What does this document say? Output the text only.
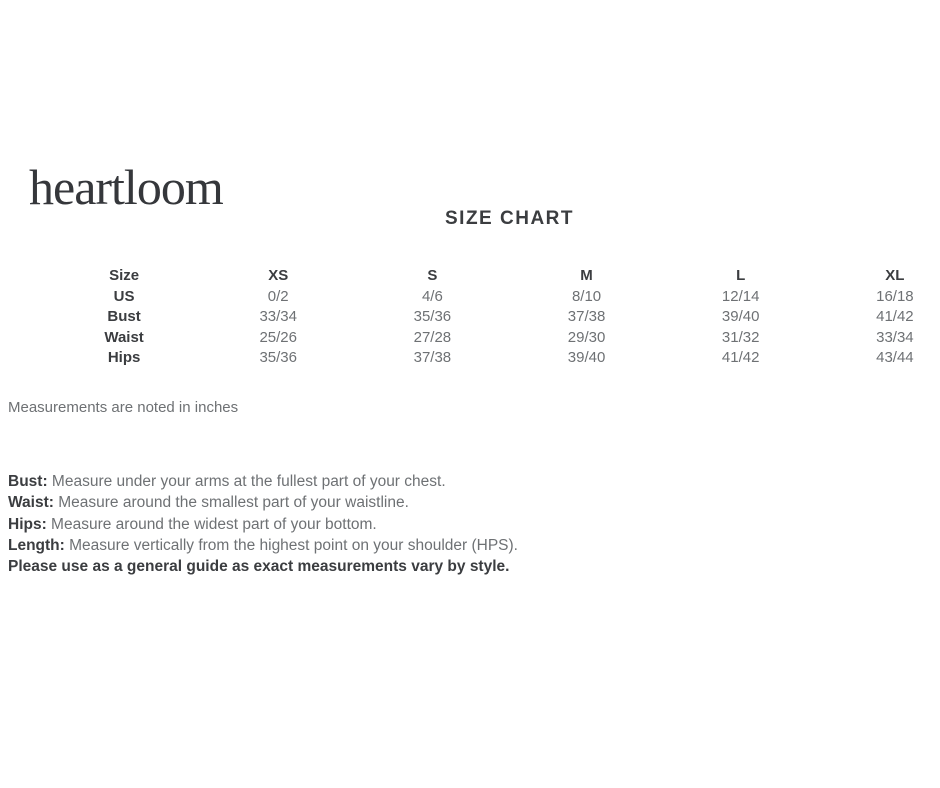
heartloom
SIZE CHART
Size	XS	S	M	L	XL
US	0/2	4/6	8/10	12/14	16/18
Bust	33/34	35/36	37/38	39/40	41/42
Waist	25/26	27/28	29/30	31/32	33/34
Hips	35/36	37/38	39/40	41/42	43/44

Measurements are noted in inches

Bust: Measure under your arms at the fullest part of your chest.

Waist: Measure around the smallest part of your waistline.

Hips: Measure around the widest part of your bottom.

Length: Measure vertically from the highest point on your shoulder (HPS).

Please use as a general guide as exact measurements vary by style.
